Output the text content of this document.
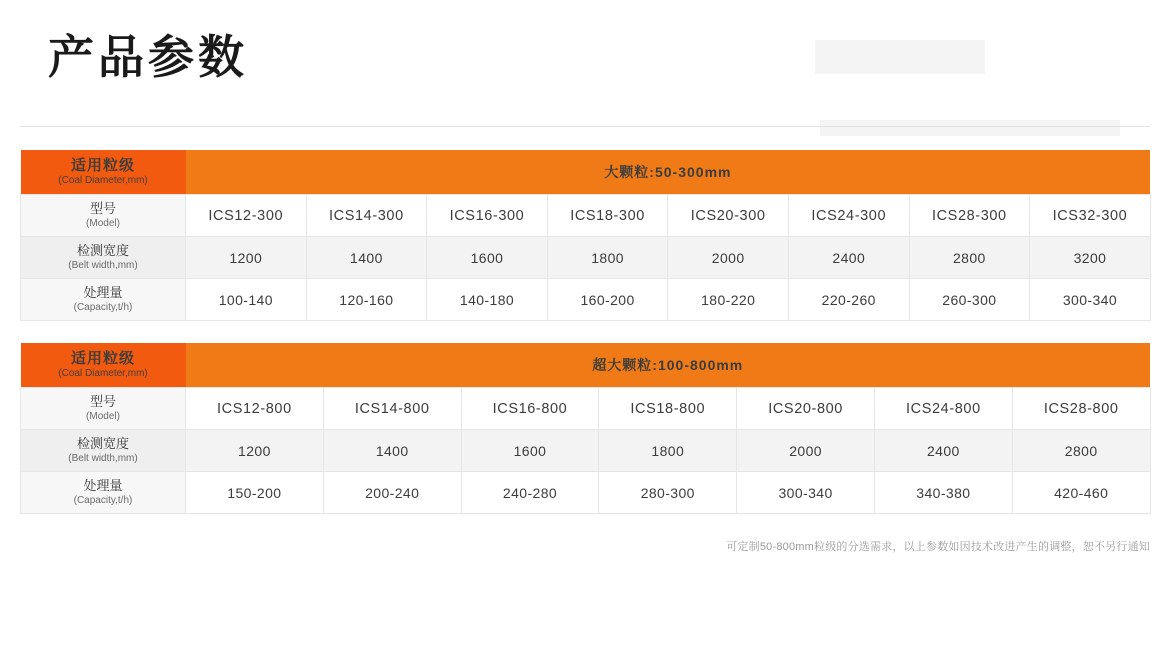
产品参数
适用粒级
(Coal Diameter,mm)	大颗粒:50-300mm							

型号
(Model)	ICS12-300	ICS14-300	ICS16-300	ICS18-300	ICS20-300	ICS24-300	ICS28-300	ICS32-300

检测宽度
(Belt width,mm)	1200	1400	1600	1800	2000	2400	2800	3200

处理量
(Capacity,t/h)	100-140	120-160	140-180	160-200	180-220	220-260	260-300	300-340
适用粒级
(Coal Diameter,mm)	超大颗粒:100-800mm						

型号
(Model)	ICS12-800	ICS14-800	ICS16-800	ICS18-800	ICS20-800	ICS24-800	ICS28-800

检测宽度
(Belt width,mm)	1200	1400	1600	1800	2000	2400	2800

处理量
(Capacity,t/h)	150-200	200-240	240-280	280-300	300-340	340-380	420-460
可定制50-800mm粒级的分选需求，以上参数如因技术改进产生的调整，恕不另行通知
